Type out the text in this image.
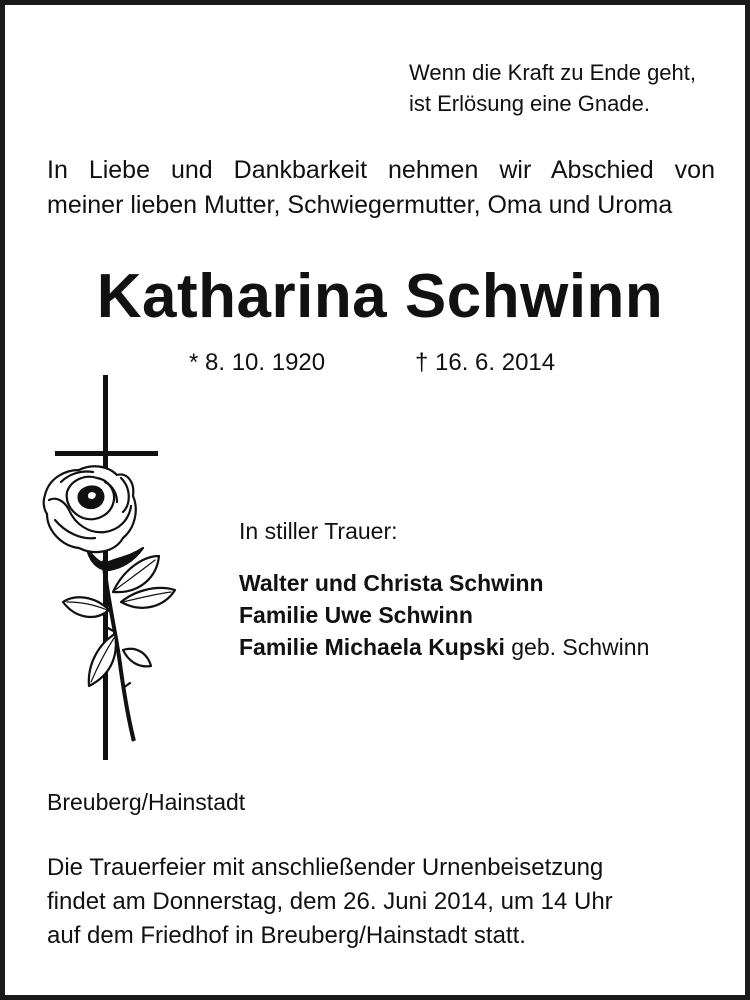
Wenn die Kraft zu Ende geht,
ist Erlösung eine Gnade.
In Liebe und Dankbarkeit nehmen wir Abschied von
meiner lieben Mutter, Schwiegermutter, Oma und Uroma
Katharina Schwinn
* 8. 10. 1920	† 16. 6. 2014
In stiller Trauer:
Walter und Christa Schwinn
Familie Uwe Schwinn
Familie Michaela Kupski geb. Schwinn
Breuberg/Hainstadt
Die Trauerfeier mit anschließender Urnenbeisetzung
findet am Donnerstag, dem 26. Juni 2014, um 14 Uhr
auf dem Friedhof in Breuberg/Hainstadt statt.
